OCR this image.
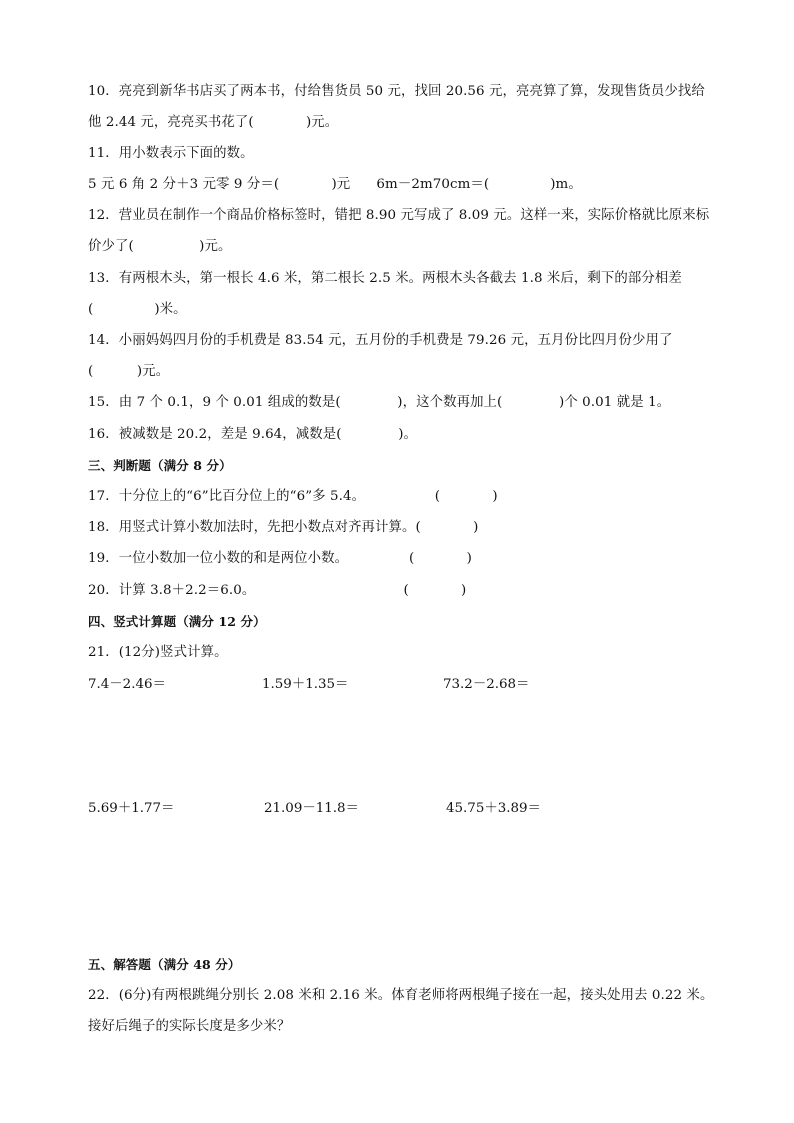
10．亮亮到新华书店买了两本书，付给售货员 50 元，找回 20.56 元，亮亮算了算，发现售货员少找给
他 2.44 元，亮亮买书花了(            )元。
11．用小数表示下面的数。
5 元 6 角 2 分＋3 元零 9 分＝(            )元      6m－2m70cm＝(              )m。
12．营业员在制作一个商品价格标签时，错把 8.90 元写成了 8.09 元。这样一来，实际价格就比原来标
价少了(               )元。
13．有两根木头，第一根长 4.6 米，第二根长 2.5 米。两根木头各截去 1.8 米后，剩下的部分相差
(              )米。
14．小丽妈妈四月份的手机费是 83.54 元，五月份的手机费是 79.26 元，五月份比四月份少用了
(          )元。
15．由 7 个 0.1，9 个 0.01 组成的数是(             )，这个数再加上(             )个 0.01 就是 1。
16．被减数是 20.2，差是 9.64，减数是(             )。
三、判断题（满分 8 分）
17．十分位上的“6”比百分位上的“6”多 5.4。                (            )
18．用竖式计算小数加法时，先把小数点对齐再计算。(            )
19．一位小数加一位小数的和是两位小数。              (            )
20．计算 3.8＋2.2＝6.0。                                  (            )
四、竖式计算题（满分 12 分）
21．(12分)竖式计算。
7.4－2.46＝	1.59＋1.35＝	73.2－2.68＝
5.69＋1.77＝	21.09－11.8＝	45.75＋3.89＝
五、解答题（满分 48 分）
22．(6分)有两根跳绳分别长 2.08 米和 2.16 米。体育老师将两根绳子接在一起，接头处用去 0.22 米。
接好后绳子的实际长度是多少米？
